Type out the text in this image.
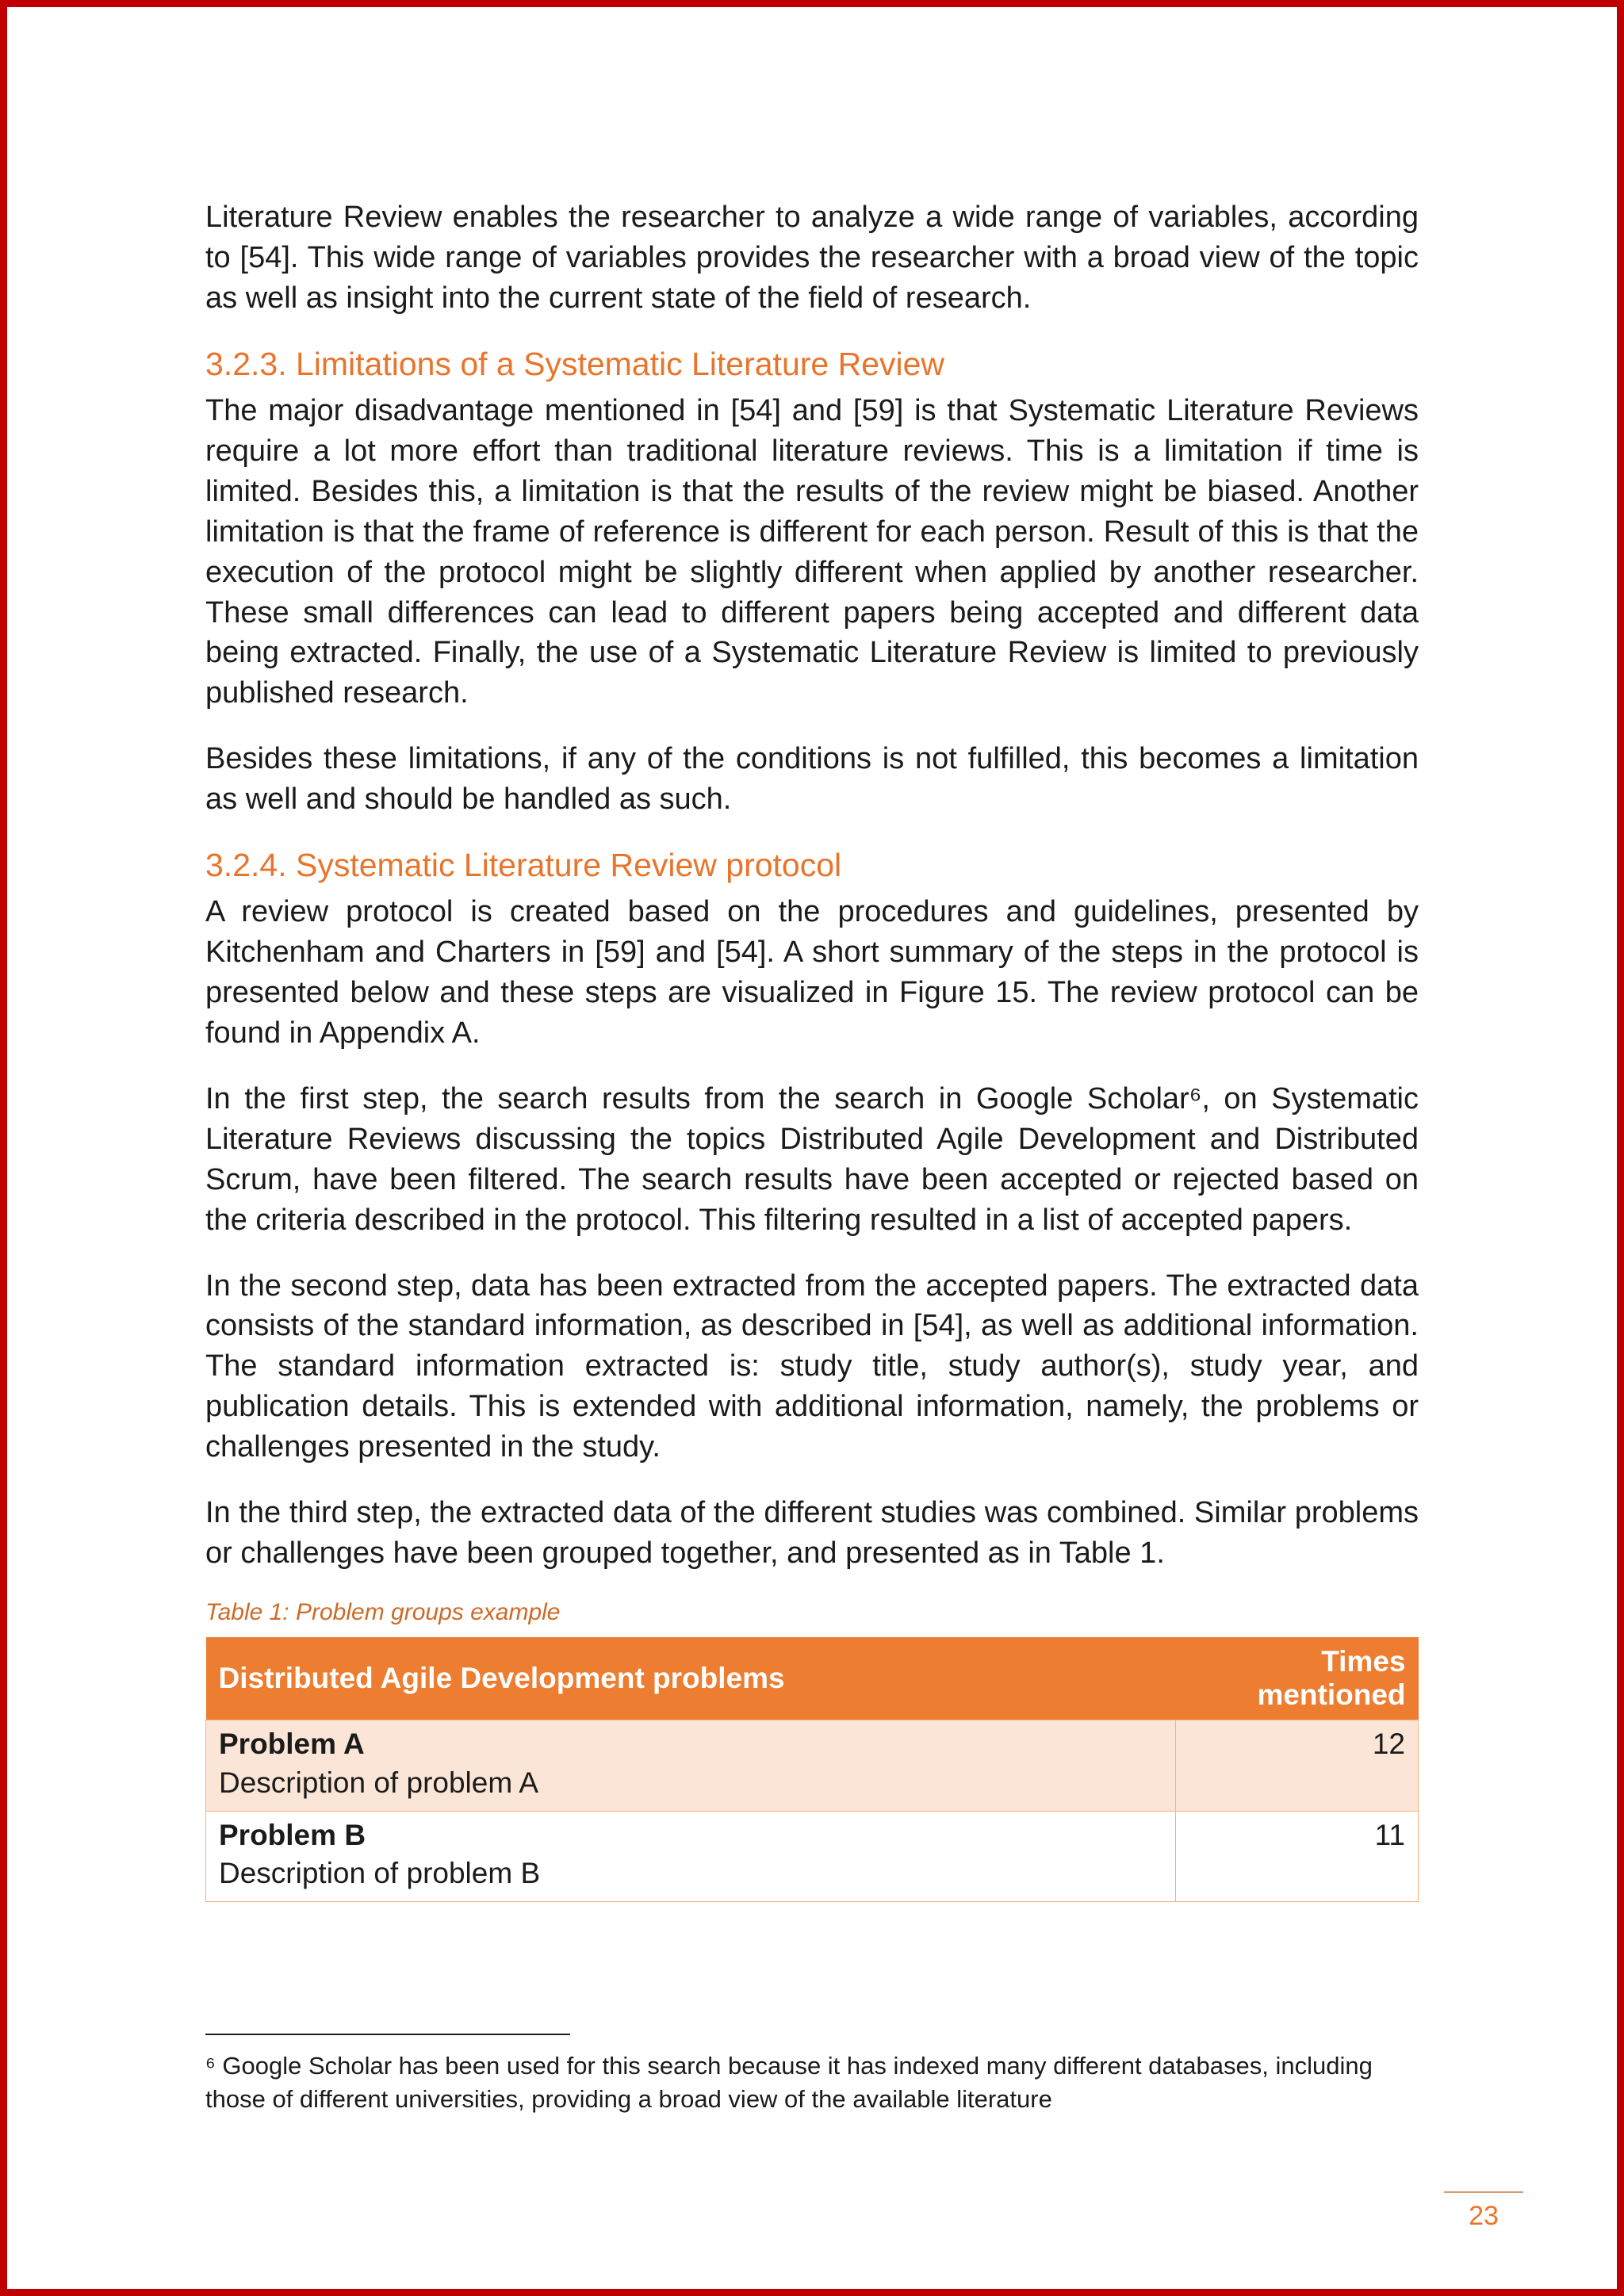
Literature Review enables the researcher to analyze a wide range of variables, according to [54]. This wide range of variables provides the researcher with a broad view of the topic as well as insight into the current state of the field of research.

3.2.3. Limitations of a Systematic Literature Review

The major disadvantage mentioned in [54] and [59] is that Systematic Literature Reviews require a lot more effort than traditional literature reviews. This is a limitation if time is limited. Besides this, a limitation is that the results of the review might be biased. Another limitation is that the frame of reference is different for each person. Result of this is that the execution of the protocol might be slightly different when applied by another researcher. These small differences can lead to different papers being accepted and different data being extracted. Finally, the use of a Systematic Literature Review is limited to previously published research.

Besides these limitations, if any of the conditions is not fulfilled, this becomes a limitation as well and should be handled as such.

3.2.4. Systematic Literature Review protocol

A review protocol is created based on the procedures and guidelines, presented by Kitchenham and Charters in [59] and [54]. A short summary of the steps in the protocol is presented below and these steps are visualized in Figure 15. The review protocol can be found in Appendix A.

In the first step, the search results from the search in Google Scholar⁶, on Systematic Literature Reviews discussing the topics Distributed Agile Development and Distributed Scrum, have been filtered. The search results have been accepted or rejected based on the criteria described in the protocol. This filtering resulted in a list of accepted papers.

In the second step, data has been extracted from the accepted papers. The extracted data consists of the standard information, as described in [54], as well as additional information. The standard information extracted is: study title, study author(s), study year, and publication details. This is extended with additional information, namely, the problems or challenges presented in the study.

In the third step, the extracted data of the different studies was combined. Similar problems or challenges have been grouped together, and presented as in Table 1.

Table 1: Problem groups example

Distributed Agile Development problems	Times mentioned

Problem A
Description of problem A	12

Problem B
Description of problem B	11

⁶ Google Scholar has been used for this search because it has indexed many different databases, including those of different universities, providing a broad view of the available literature

23
